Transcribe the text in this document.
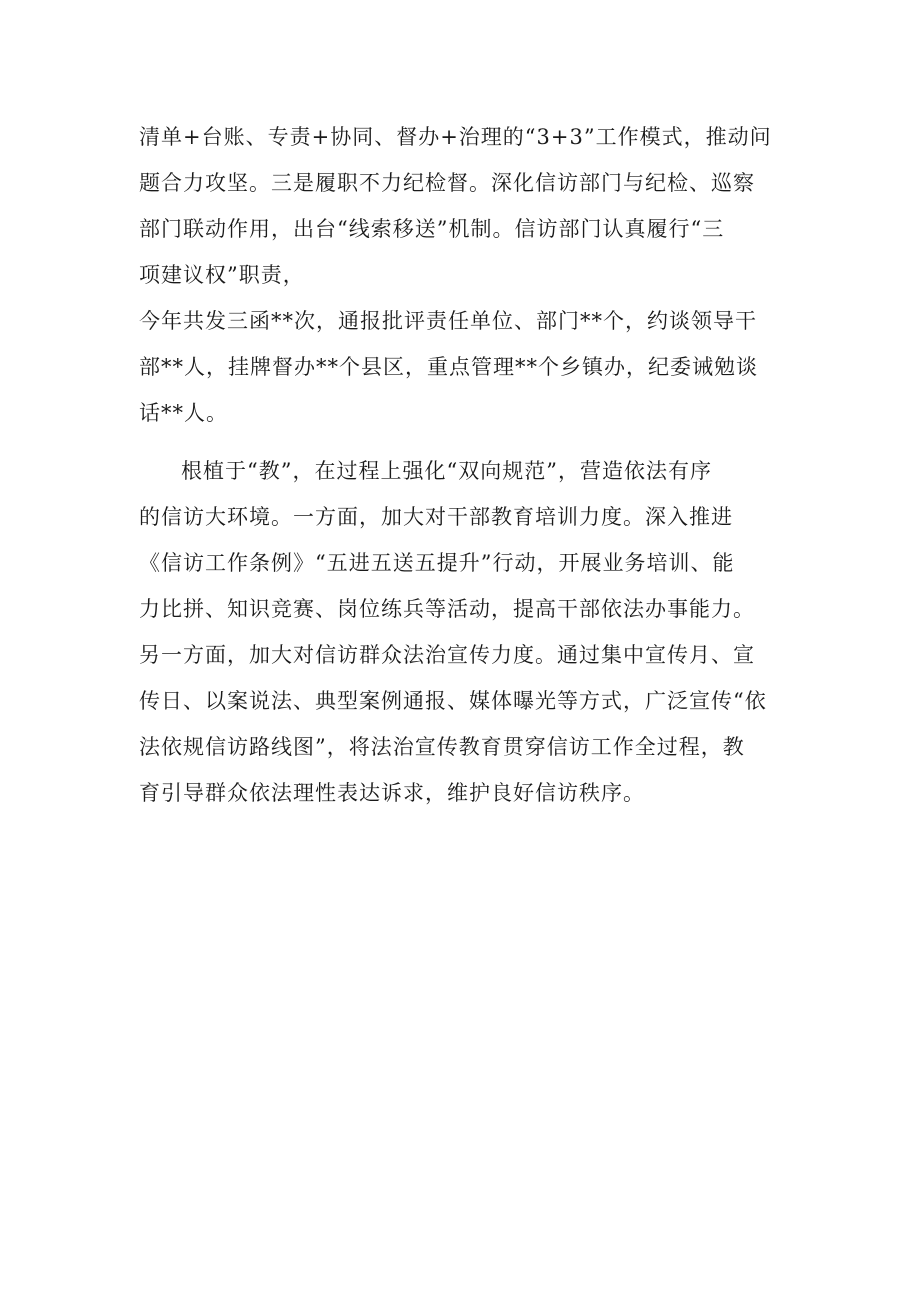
清单+台账、专责+协同、督办+治理的“3+3”工作模式，推动问
题合力攻坚。三是履职不力纪检督。深化信访部门与纪检、巡察
部门联动作用，出台“线索移送”机制。信访部门认真履行“三
项建议权”职责，
今年共发三函**次，通报批评责任单位、部门**个，约谈领导干
部**人，挂牌督办**个县区，重点管理**个乡镇办，纪委诫勉谈
话**人。
根植于“教”，在过程上强化“双向规范”，营造依法有序
的信访大环境。一方面，加大对干部教育培训力度。深入推进
《信访工作条例》“五进五送五提升”行动，开展业务培训、能
力比拼、知识竞赛、岗位练兵等活动，提高干部依法办事能力。
另一方面，加大对信访群众法治宣传力度。通过集中宣传月、宣
传日、以案说法、典型案例通报、媒体曝光等方式，广泛宣传“依
法依规信访路线图”，将法治宣传教育贯穿信访工作全过程，教
育引导群众依法理性表达诉求，维护良好信访秩序。
